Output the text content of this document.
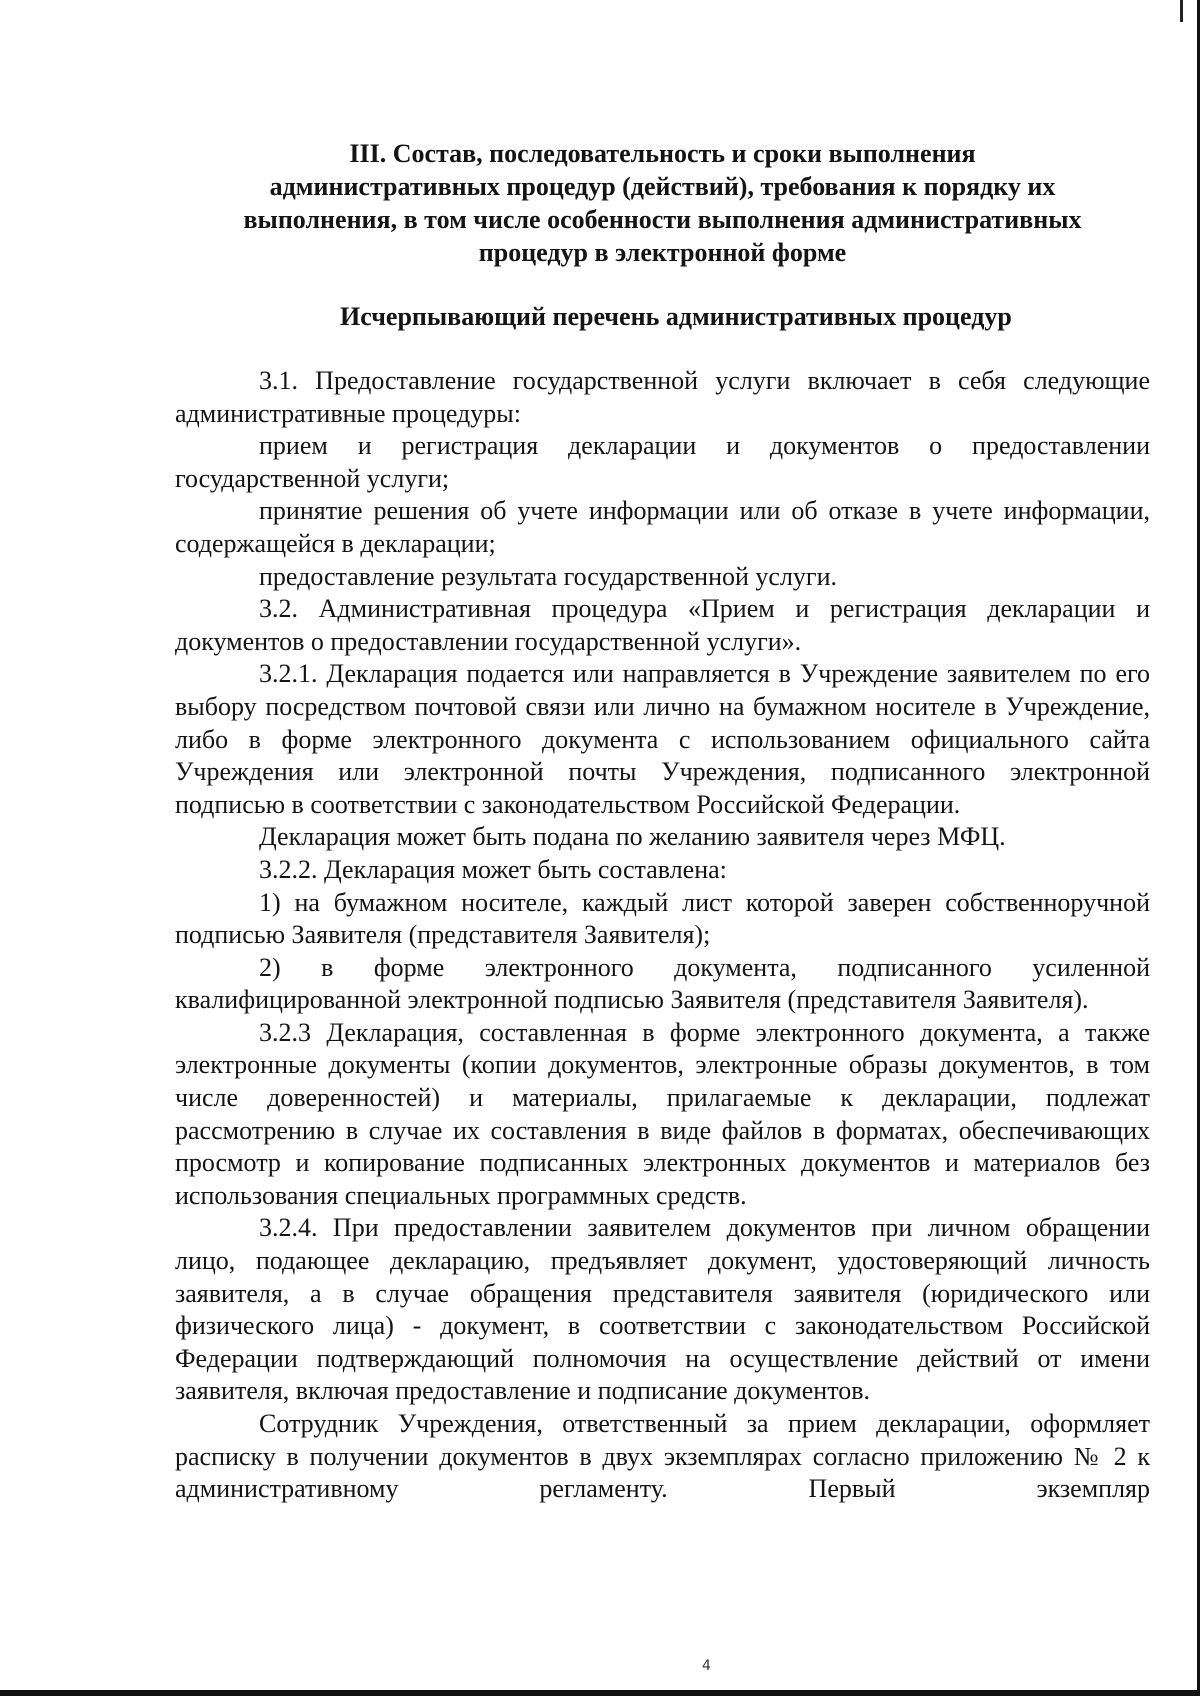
III. Состав, последовательность и сроки выполнения
административных процедур (действий), требования к порядку их
выполнения, в том числе особенности выполнения административных
процедур в электронной форме
Исчерпывающий перечень административных процедур

3.1. Предоставление государственной услуги включает в себя следующие административные процедуры:

прием и регистрация декларации и документов о предоставлении государственной услуги;

принятие решения об учете информации или об отказе в учете информации, содержащейся в декларации;

предоставление результата государственной услуги.

3.2. Административная процедура «Прием и регистрация декларации и документов о предоставлении государственной услуги».

3.2.1. Декларация подается или направляется в Учреждение заявителем по его выбору посредством почтовой связи или лично на бумажном носителе в Учреждение, либо в форме электронного документа с использованием официального сайта Учреждения или электронной почты Учреждения, подписанного электронной подписью в соответствии с законодательством Российской Федерации.

Декларация может быть подана по желанию заявителя через МФЦ.

3.2.2. Декларация может быть составлена:

1) на бумажном носителе, каждый лист которой заверен собственноручной подписью Заявителя (представителя Заявителя);

2) в форме электронного документа, подписанного усиленной квалифицированной электронной подписью Заявителя (представителя Заявителя).

3.2.3 Декларация, составленная в форме электронного документа, а также электронные документы (копии документов, электронные образы документов, в том числе доверенностей) и материалы, прилагаемые к декларации, подлежат рассмотрению в случае их составления в виде файлов в форматах, обеспечивающих просмотр и копирование подписанных электронных документов и материалов без использования специальных программных средств.

3.2.4. При предоставлении заявителем документов при личном обращении лицо, подающее декларацию, предъявляет документ, удостоверяющий личность заявителя, а в случае обращения представителя заявителя (юридического или физического лица) - документ, в соответствии с законодательством Российской Федерации подтверждающий полномочия на осуществление действий от имени заявителя, включая предоставление и подписание документов.

Сотрудник Учреждения, ответственный за прием декларации, оформляет расписку в получении документов в двух экземплярах согласно приложению № 2 к административному регламенту. Первый экземпляр

4
